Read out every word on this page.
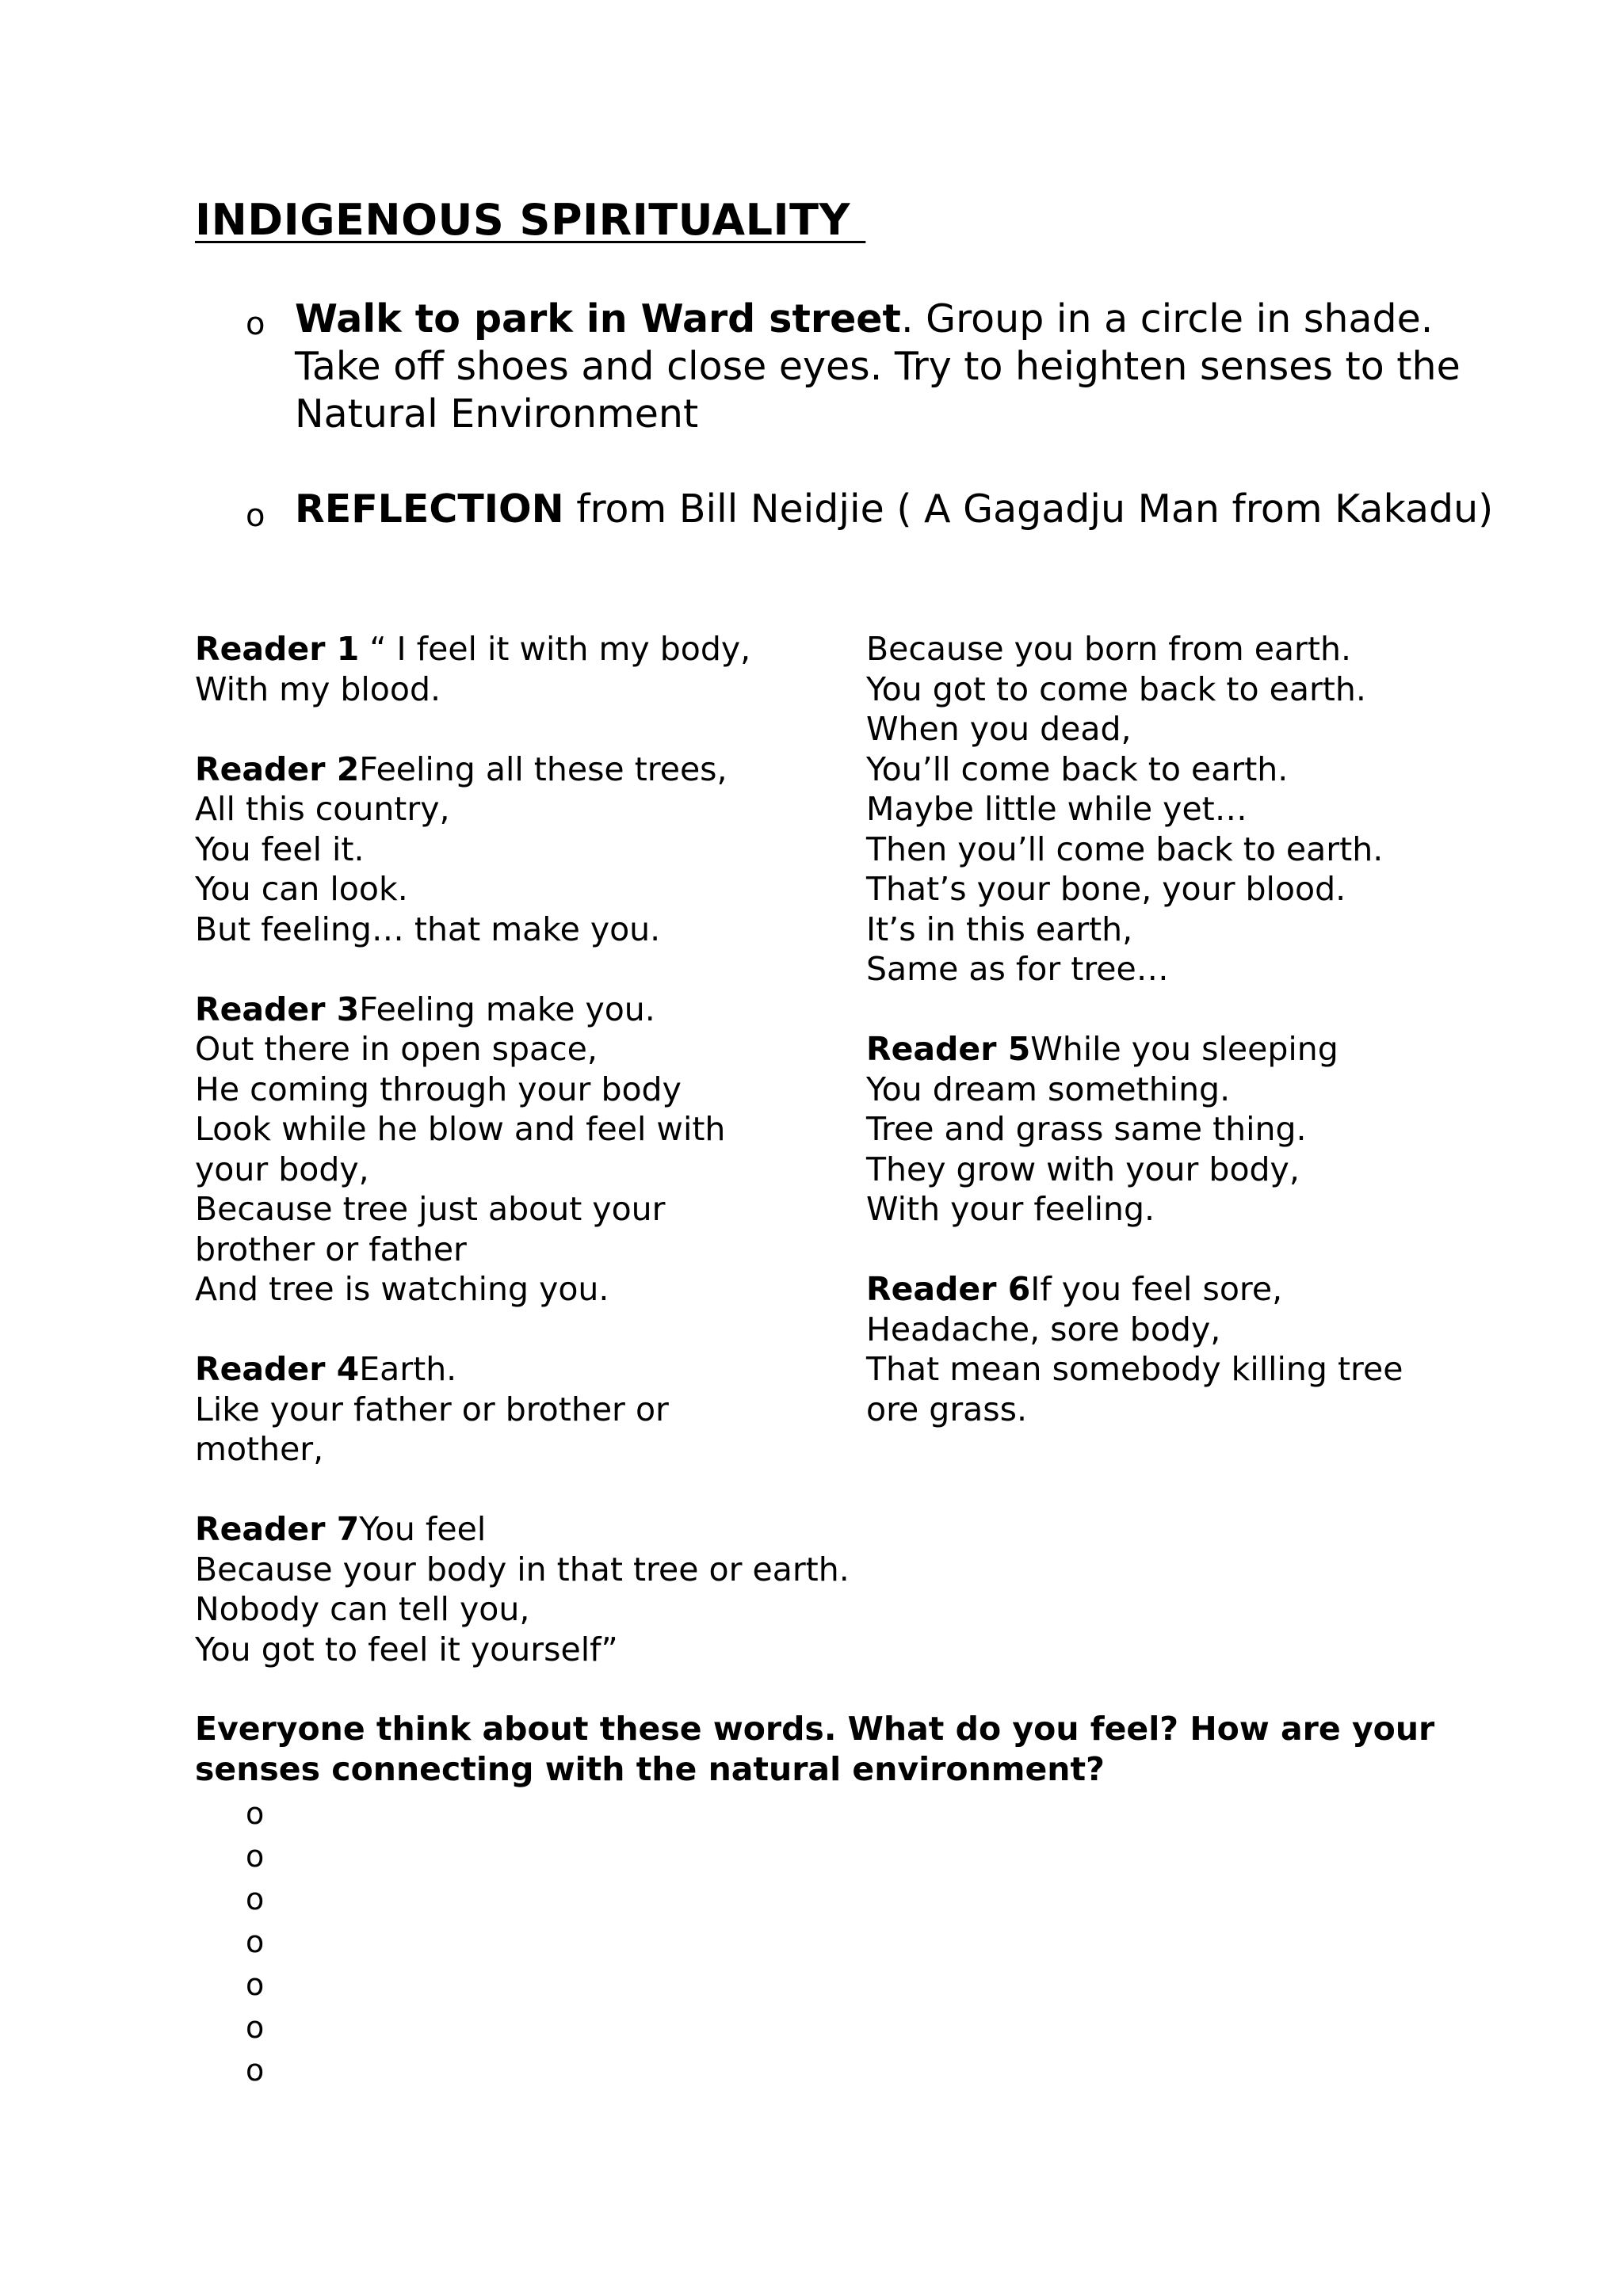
INDIGENOUS SPIRITUALITY
o Walk to park in Ward street. Group in a circle in shade. Take off shoes and close eyes. Try to heighten senses to the Natural Environment
o REFLECTION from Bill Neidjie ( A Gagadju Man from Kakadu)
Reader 1 “ I feel it with my body,
With my blood.
Reader 2Feeling all these trees,
All this country,
You feel it.
You can look.
But feeling… that make you.
Reader 3Feeling make you.
Out there in open space,
He coming through your body
Look while he blow and feel with your body,
Because tree just about your brother or father
And tree is watching you.
Reader 4Earth.
Like your father or brother or mother,
Because you born from earth.
You got to come back to earth.
When you dead,
You’ll come back to earth.
Maybe little while yet…
Then you’ll come back to earth.
That’s your bone, your blood.
It’s in this earth,
Same as for tree…
Reader 5While you sleeping
You dream something.
Tree and grass same thing.
They grow with your body,
With your feeling.
Reader 6If you feel sore,
Headache, sore body,
That mean somebody killing tree ore grass.
Reader 7You feel
Because your body in that tree or earth.
Nobody can tell you,
You got to feel it yourself”
Everyone think about these words. What do you feel? How are your senses connecting with the natural environment?
o
o
o
o
o
o
o
